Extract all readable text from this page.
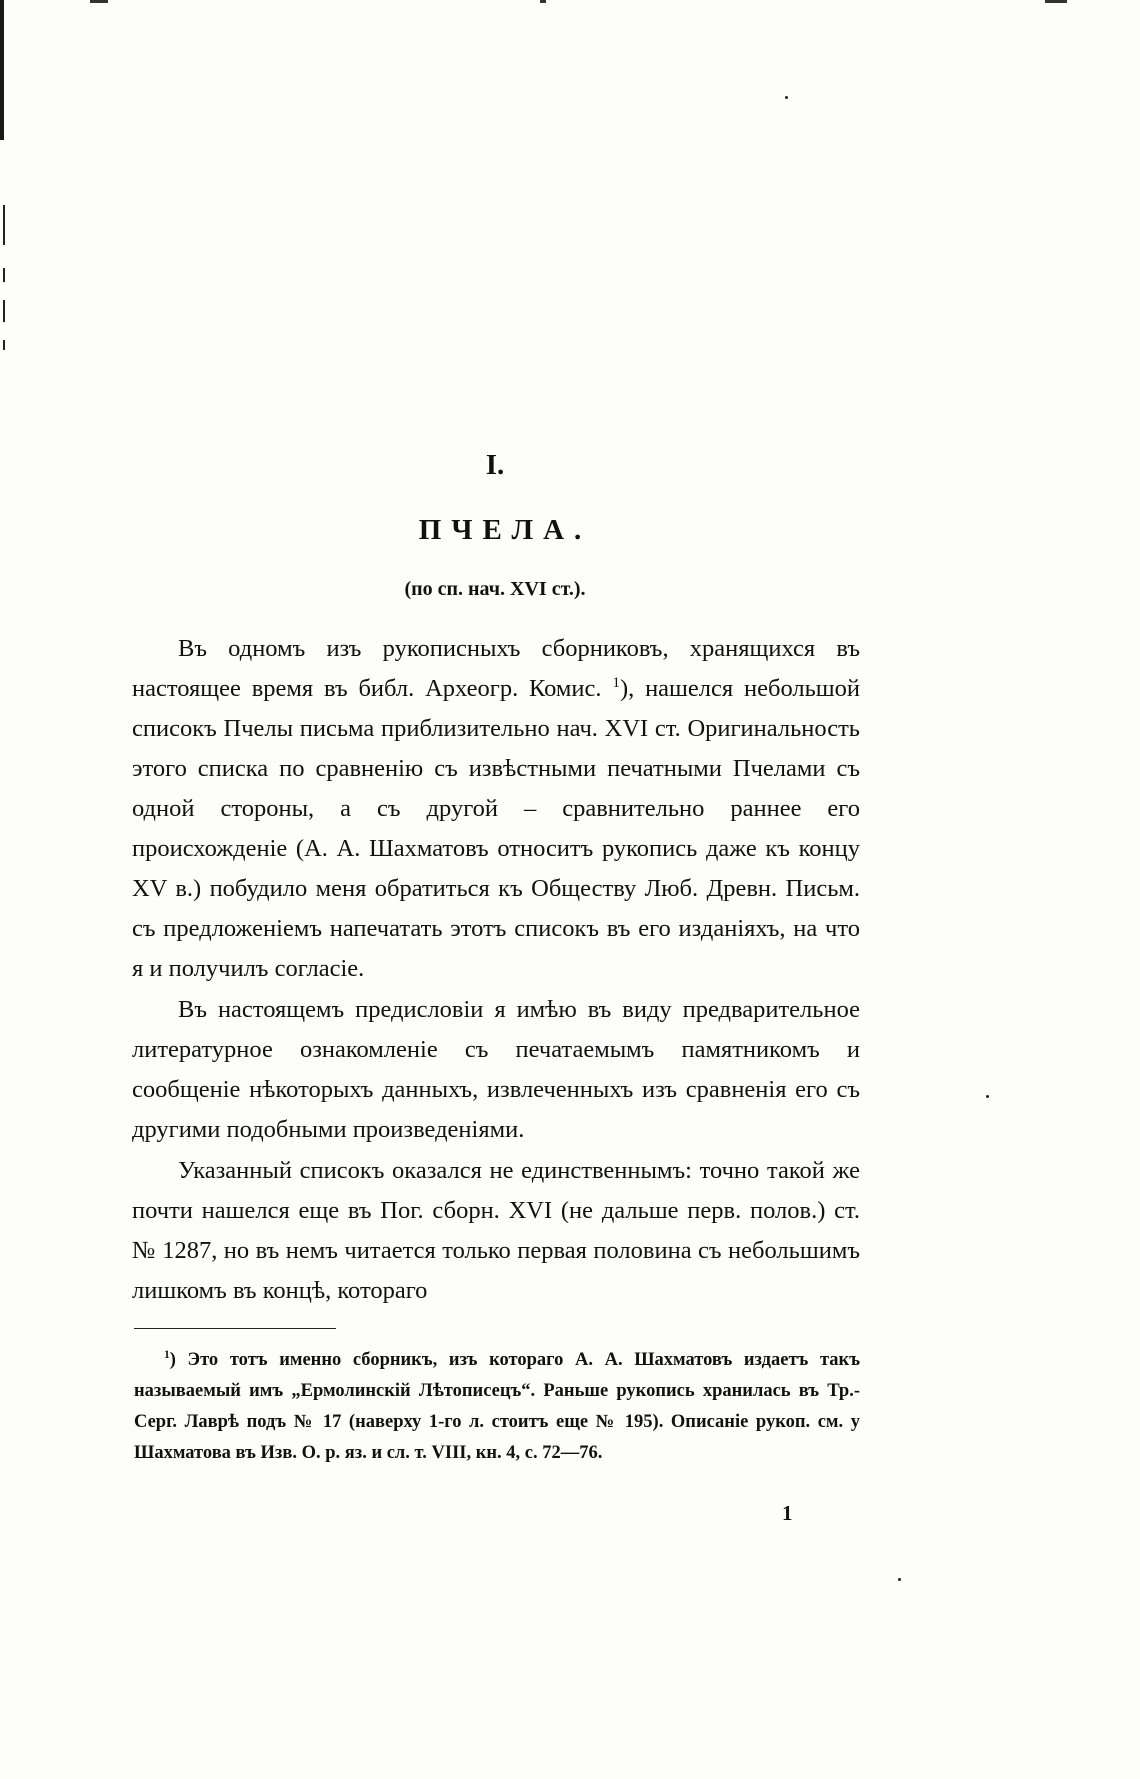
I.

ПЧЕЛА.

(по сп. нач. XVI ст.).

Въ одномъ изъ рукописныхъ сборниковъ, хранящихся въ настоящее время въ библ. Археогр. Комис. $^1$), нашелся небольшой списокъ Пчелы письма приблизительно нач. XVI ст. Оригинальность этого списка по сравненію съ извѣстными печатными Пчелами съ одной стороны, а съ другой – сравнительно раннее его происхожденіе (А. А. Шахматовъ относитъ рукопись даже къ концу XV в.) побудило меня обратиться къ Обществу Люб. Древн. Письм. съ предложеніемъ напечатать этотъ списокъ въ его изданіяхъ, на что я и получилъ согласіе.

Въ настоящемъ предисловіи я имѣю въ виду предварительное литературное ознакомленіе съ печатаемымъ памятникомъ и сообщеніе нѣкоторыхъ данныхъ, извлеченныхъ изъ сравненія его съ другими подобными произведеніями.

Указанный списокъ оказался не единственнымъ: точно такой же почти нашелся еще въ Пог. сборн. XVI (не дальше перв. полов.) ст. № 1287, но въ немъ читается только первая половина съ небольшимъ лишкомъ въ концѣ, котораго

$^1$) Это тотъ именно сборникъ, изъ котораго А. А. Шахматовъ издаетъ такъ называемый имъ „Ермолинскій Лѣтописецъ“. Раньше рукопись хранилась въ Тр.-Серг. Лаврѣ подъ № 17 (наверху 1-го л. стоитъ еще № 195). Описаніе рукоп. см. у Шахматова въ Изв. О. р. яз. и сл. т. VIII, кн. 4, с. 72—76.

1
